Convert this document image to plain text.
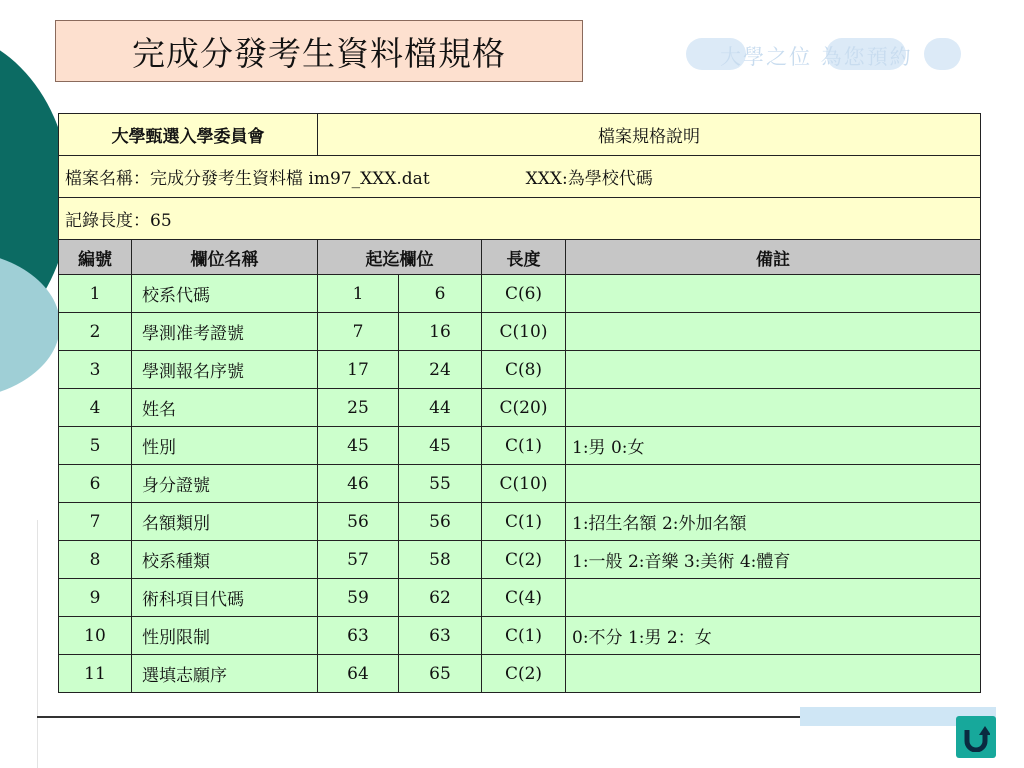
完成分發考生資料檔規格	大學之位 為您預約
大學甄選入學委員會		檔案規格說明			
檔案名稱：完成分發考生資料檔 im97_XXX.dat XXX:為學校代碼					
記錄長度：65					
編號	欄位名稱	起迄欄位		長度	備註
1	校系代碼	1	6	C(6)	
2	學測准考證號	7	16	C(10)	
3	學測報名序號	17	24	C(8)	
4	姓名	25	44	C(20)	
5	性別	45	45	C(1)	1:男 0:女
6	身分證號	46	55	C(10)	
7	名額類別	56	56	C(1)	1:招生名額 2:外加名額
8	校系種類	57	58	C(2)	1:一般 2:音樂 3:美術 4:體育
9	術科項目代碼	59	62	C(4)	
10	性別限制	63	63	C(1)	0:不分 1:男 2：女
11	選填志願序	64	65	C(2)	
